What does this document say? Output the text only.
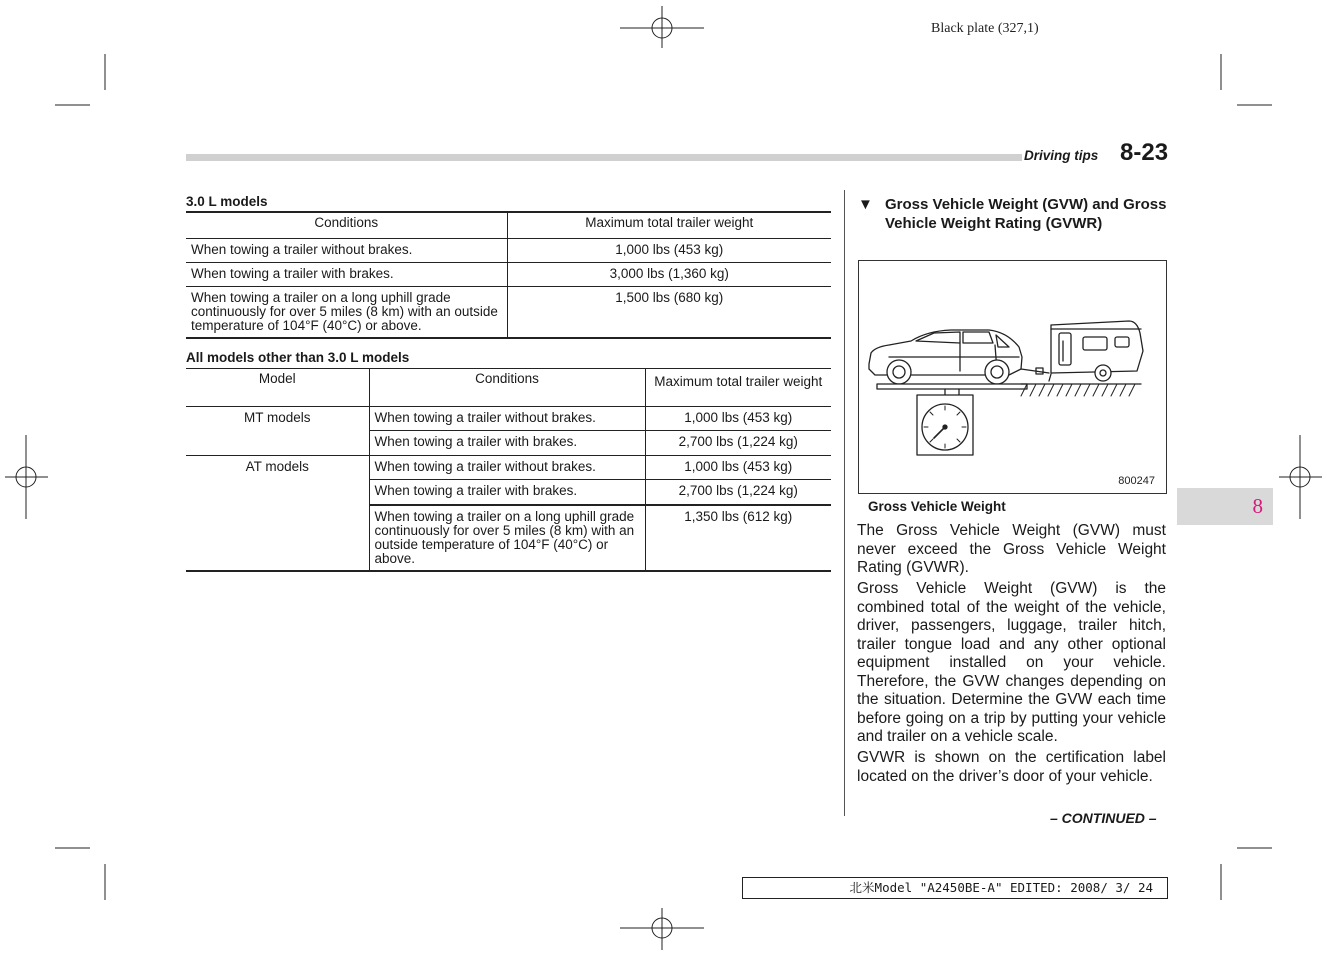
Black plate (327,1)
Driving tips 8-23
8
3.0 L models
Conditions	Maximum total trailer weight
When towing a trailer without brakes.	1,000 lbs (453 kg)
When towing a trailer with brakes.	3,000 lbs (1,360 kg)
When towing a trailer on a long uphill grade continuously for over 5 miles (8 km) with an outside temperature of 104°F (40°C) or above.	1,500 lbs (680 kg)
All models other than 3.0 L models
Model	Conditions	Maximum total trailer weight
MT models	When towing a trailer without brakes.	1,000 lbs (453 kg)
	When towing a trailer with brakes.	2,700 lbs (1,224 kg)
AT models	When towing a trailer without brakes.	1,000 lbs (453 kg)
	When towing a trailer with brakes.	2,700 lbs (1,224 kg)
	When towing a trailer on a long uphill grade continuously for over 5 miles (8 km) with an outside temperature of 104°F (40°C) or above.	1,350 lbs (612 kg)
▼ Gross Vehicle Weight (GVW) and Gross Vehicle Weight Rating (GVWR)
800247
Gross Vehicle Weight
The Gross Vehicle Weight (GVW) must never exceed the Gross Vehicle Weight Rating (GVWR).
Gross Vehicle Weight (GVW) is the combined total of the weight of the vehicle, driver, passengers, luggage, trailer hitch, trailer tongue load and any other optional equipment installed on your vehicle. Therefore, the GVW changes depending on the situation. Determine the GVW each time before going on a trip by putting your vehicle and trailer on a vehicle scale.
GVWR is shown on the certification label located on the driver’s door of your vehicle.
– CONTINUED –
北米Model "A2450BE-A" EDITED: 2008/ 3/ 24
